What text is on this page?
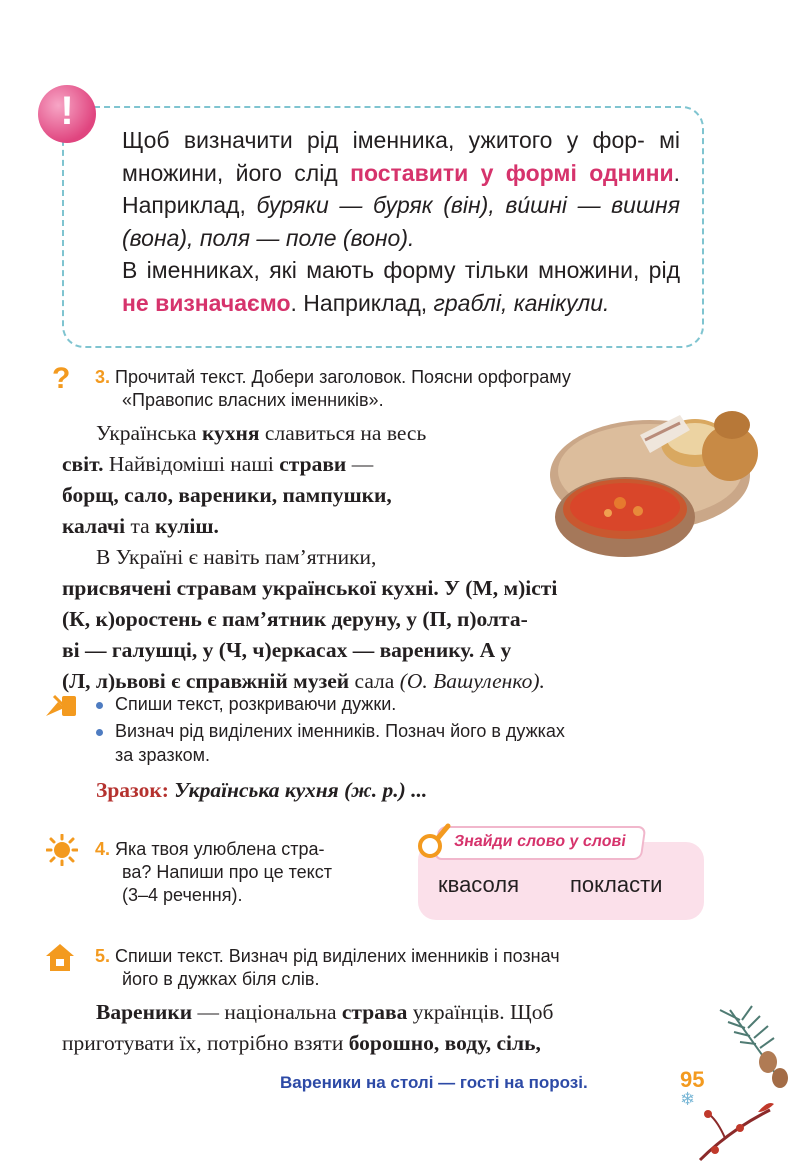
!

Щоб визначити рід іменника, ужитого у фор- мі множини, його слід поставити у формі однини. Наприклад, буряки — буряк (він), ви́шні — вишня (вона), поля — поле (воно).

В іменниках, які мають форму тільки множини, рід не визначаємо. Наприклад, граблі, канікули.

? 3. Прочитай текст. Добери заголовок. Поясни орфограму
«Правопис власних іменників».
Українська кухня славиться на весь
світ. Найвідоміші наші страви —
борщ, сало, вареники, пампушки,
калачі та куліш.
В Україні є навіть пам’ятники,
присвячені стравам української кухні. У (М, м)істі
(К, к)оростень є пам’ятник деруну, у (П, п)олта-
ві — галушці, у (Ч, ч)еркасах — варенику. А у
(Л, л)ьвові є справжній музей сала (О. Вашуленко).
Спиши текст, розкриваючи дужки.
Визнач рід виділених іменників. Познач його в дужках
за зразком.
Зразок: Українська кухня (ж. р.) ...
4. Яка твоя улюблена стра-
ва? Напиши про це текст
(3–4 речення).	квасоля покласти
Знайди слово у слові
5. Спиши текст. Визнач рід виділених іменників і познач
його в дужках біля слів.
Вареники — національна страва українців. Щоб
приготувати їх, потрібно взяти борошно, воду, сіль,
Вареники на столі — гості на порозі.	95
❄
